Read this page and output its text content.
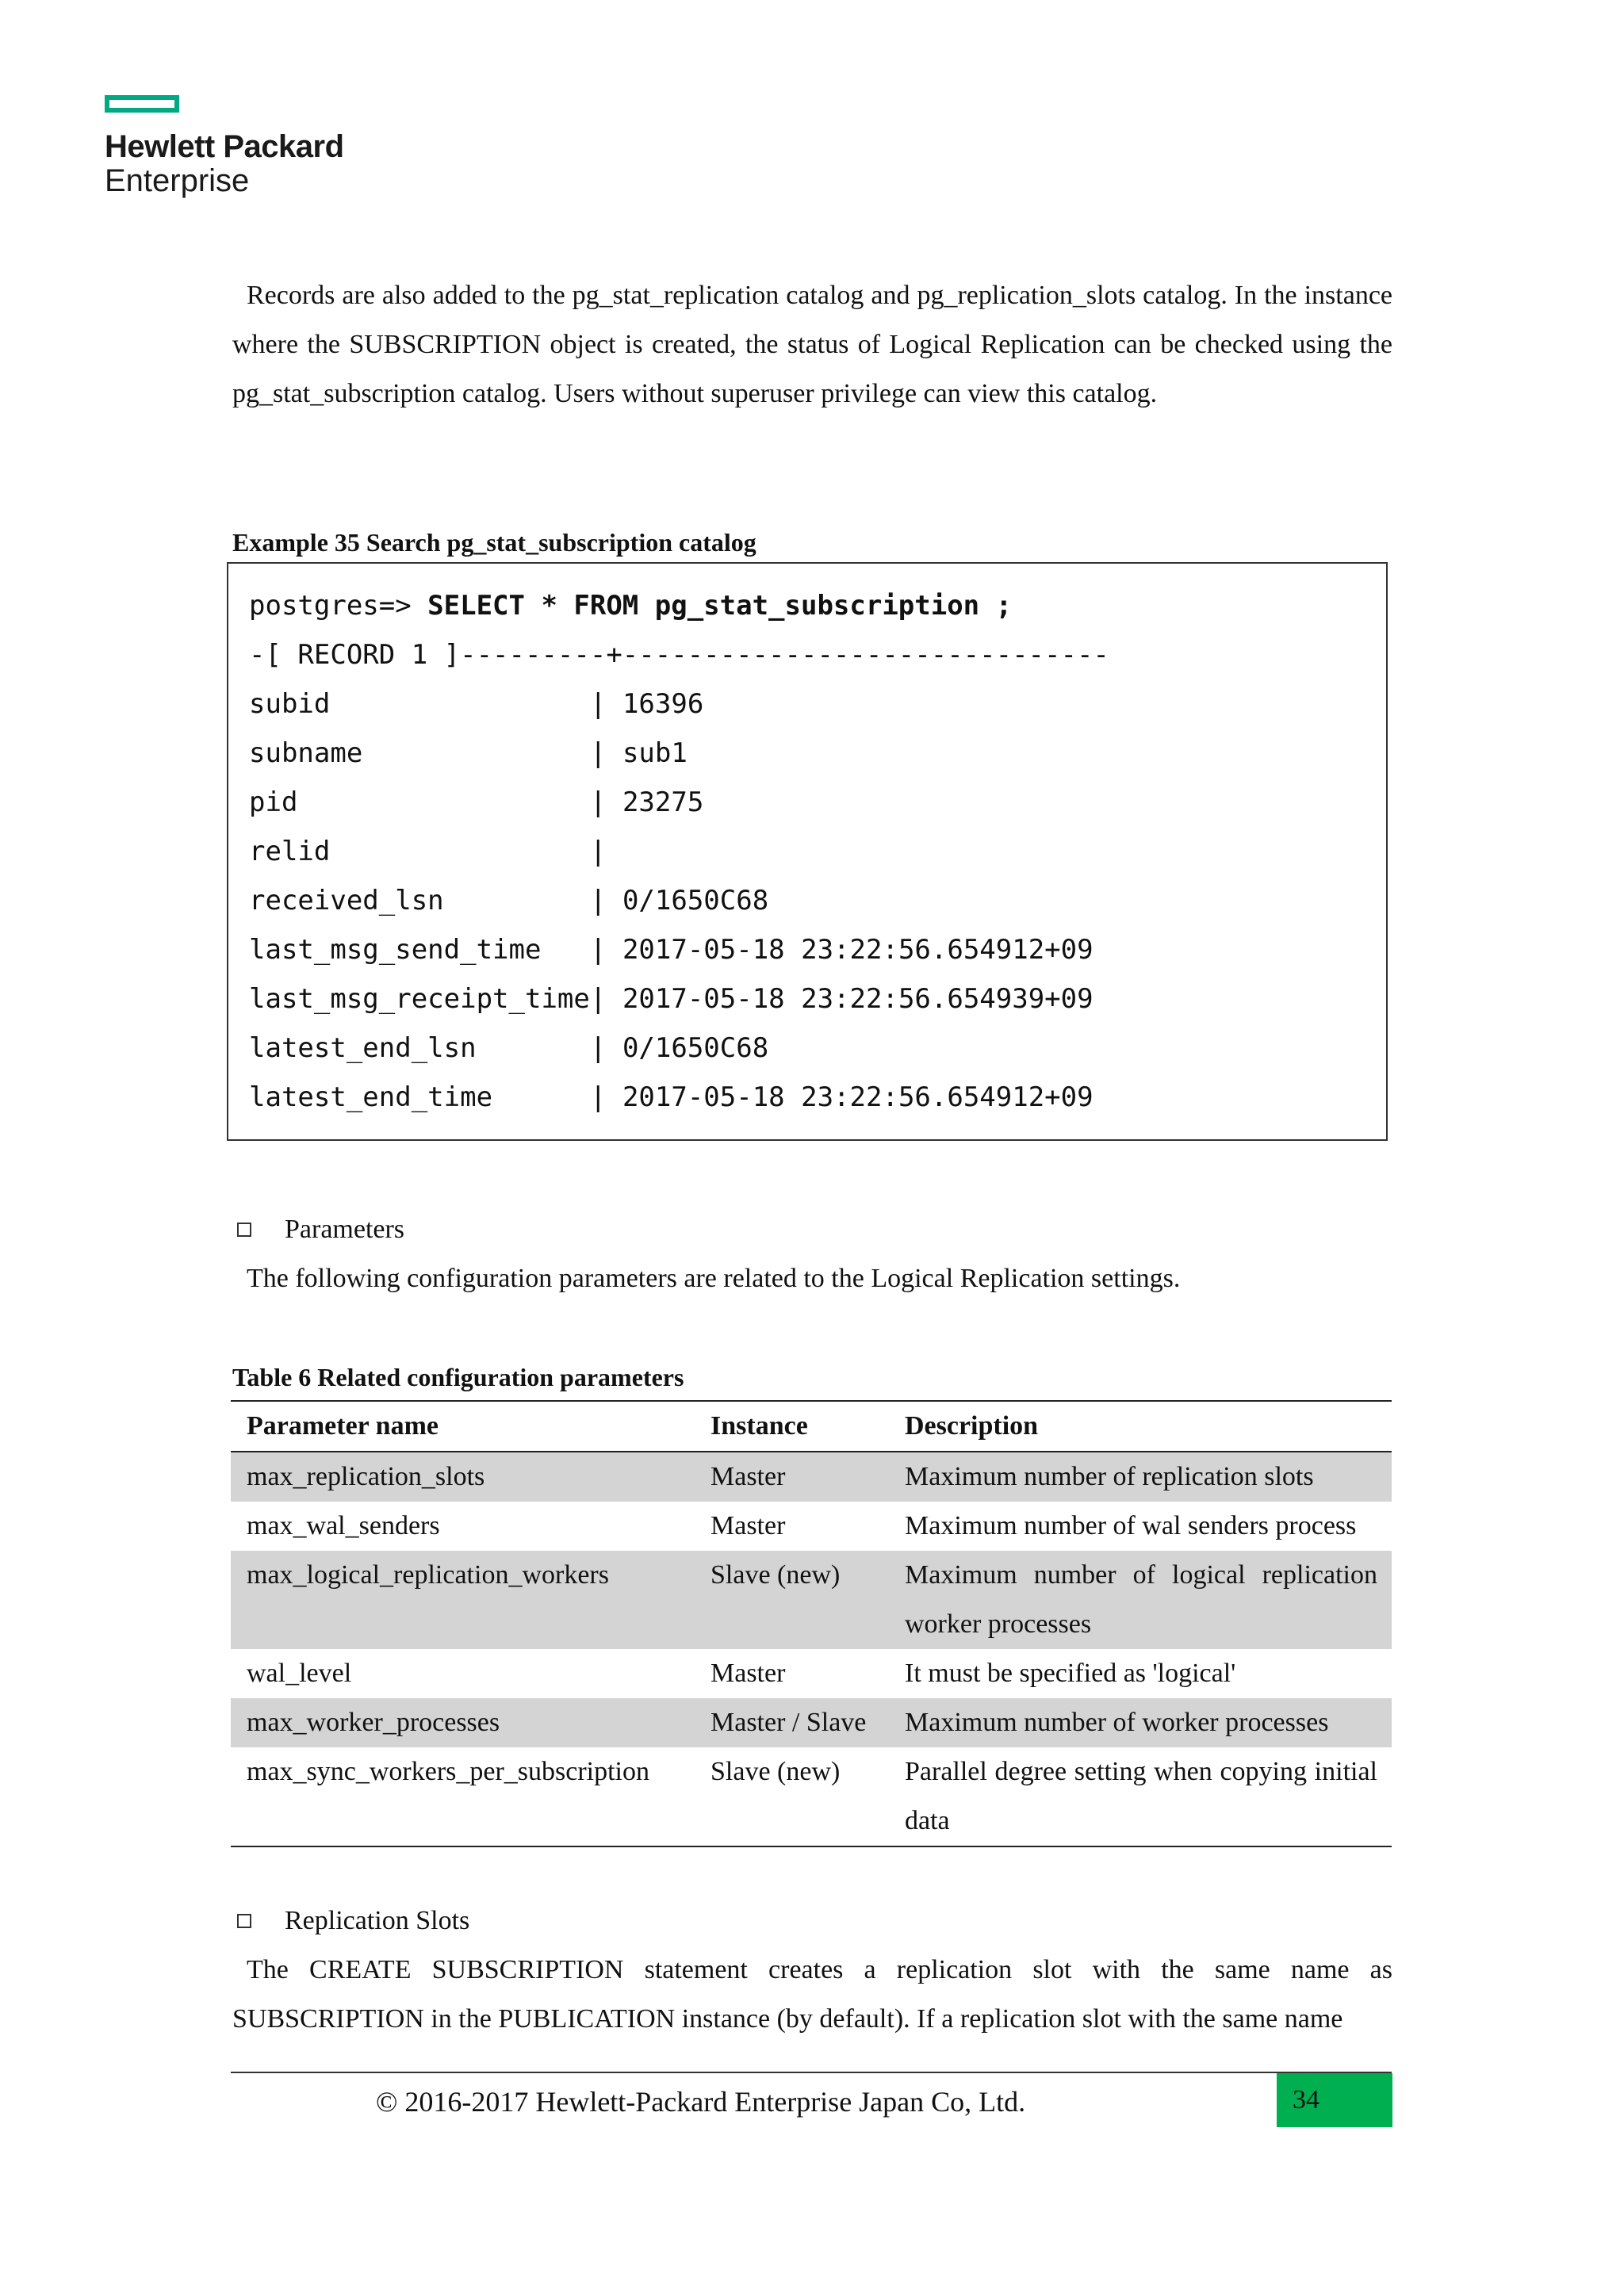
Hewlett Packard
Enterprise

Records are also added to the pg_stat_replication catalog and pg_replication_slots catalog. In the instance where the SUBSCRIPTION object is created, the status of Logical Replication can be checked using the pg_stat_subscription catalog. Users without superuser privilege can view this catalog.

Example 35 Search pg_stat_subscription catalog
postgres=> SELECT * FROM pg_stat_subscription ;
-[ RECORD 1 ]---------+------------------------------
subid	| 16396
subname	| sub1
pid	| 23275
relid	|
received_lsn	| 0/1650C68
last_msg_send_time | 2017-05-18 23:22:56.654912+09
last_msg_receipt_time| 2017-05-18 23:22:56.654939+09
latest_end_lsn	| 0/1650C68
latest_end_time	| 2017-05-18 23:22:56.654912+09
Parameters

The following configuration parameters are related to the Logical Replication settings.

Table 6 Related configuration parameters
Parameter name	Instance	Description
max_replication_slots	Master	Maximum number of replication slots
max_wal_senders	Master	Maximum number of wal senders process
max_logical_replication_workers	Slave (new)	Maximum number of logical replication worker processes
wal_level	Master	It must be specified as 'logical'
max_worker_processes	Master / Slave	Maximum number of worker processes
max_sync_workers_per_subscription	Slave (new)	Parallel degree setting when copying initial data
Replication Slots

The CREATE SUBSCRIPTION statement creates a replication slot with the same name as SUBSCRIPTION in the PUBLICATION instance (by default). If a replication slot with the same name

© 2016-2017 Hewlett-Packard Enterprise Japan Co, Ltd.	34
